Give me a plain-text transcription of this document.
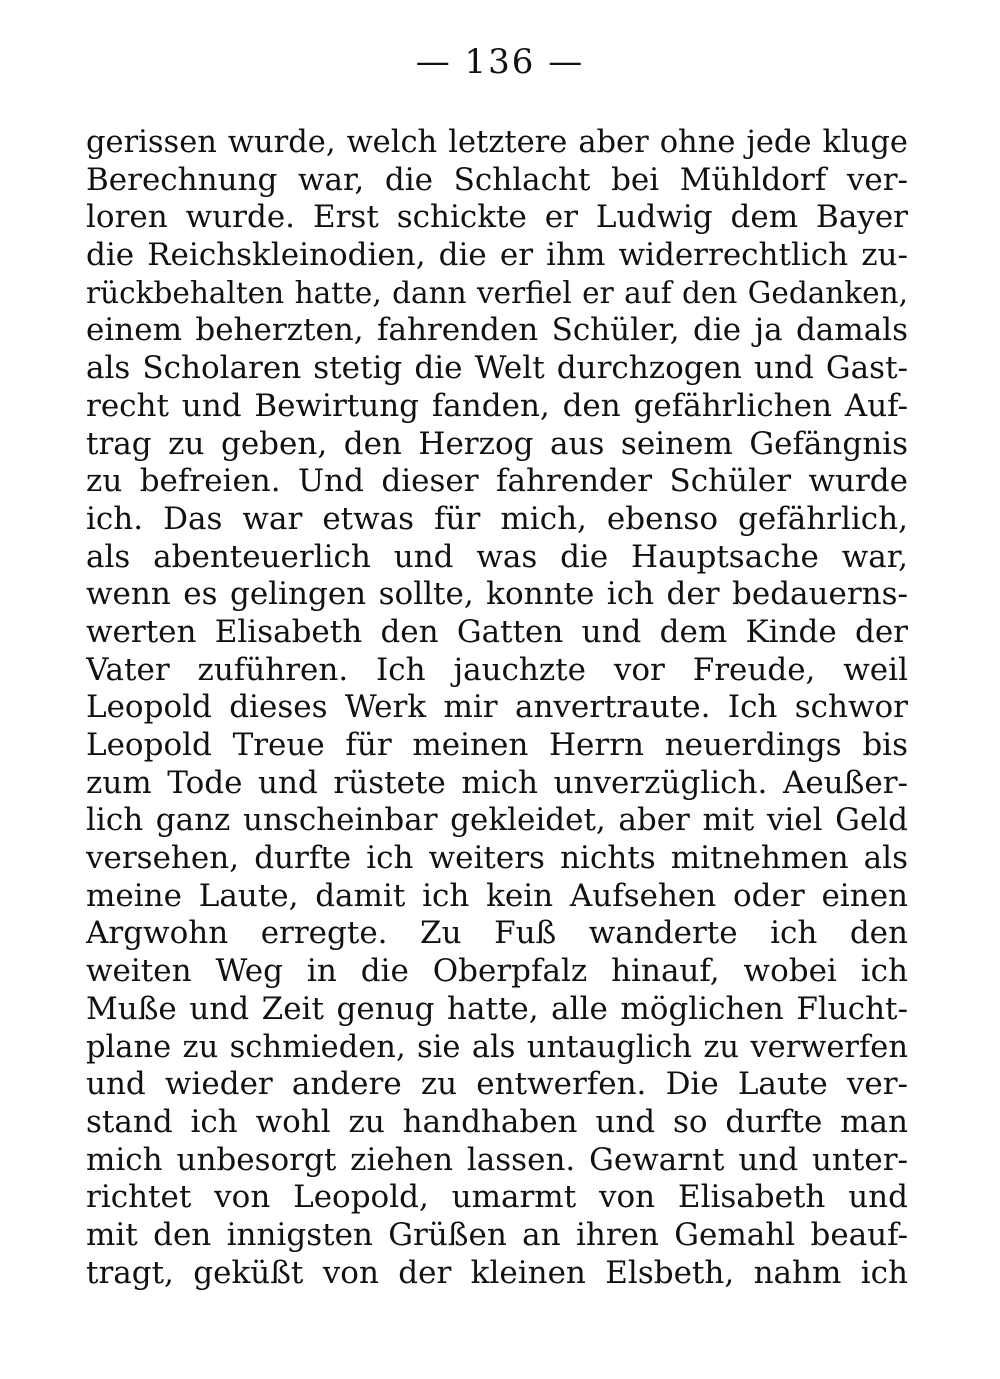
— 136 —
gerissen wurde, welch letztere aber ohne jede kluge
Berechnung war, die Schlacht bei Mühldorf ver-
loren wurde. Erst schickte er Ludwig dem Bayer
die Reichskleinodien, die er ihm widerrechtlich zu-
rückbehalten hatte, dann verfiel er auf den Gedanken,
einem beherzten, fahrenden Schüler, die ja damals
als Scholaren stetig die Welt durchzogen und Gast-
recht und Bewirtung fanden, den gefährlichen Auf-
trag zu geben, den Herzog aus seinem Gefängnis
zu befreien. Und dieser fahrender Schüler wurde
ich. Das war etwas für mich, ebenso gefährlich,
als abenteuerlich und was die Hauptsache war,
wenn es gelingen sollte, konnte ich der bedauerns-
werten Elisabeth den Gatten und dem Kinde der
Vater zuführen. Ich jauchzte vor Freude, weil
Leopold dieses Werk mir anvertraute. Ich schwor
Leopold Treue für meinen Herrn neuerdings bis
zum Tode und rüstete mich unverzüglich. Aeußer-
lich ganz unscheinbar gekleidet, aber mit viel Geld
versehen, durfte ich weiters nichts mitnehmen als
meine Laute, damit ich kein Aufsehen oder einen
Argwohn erregte. Zu Fuß wanderte ich den
weiten Weg in die Oberpfalz hinauf, wobei ich
Muße und Zeit genug hatte, alle möglichen Flucht-
plane zu schmieden, sie als untauglich zu verwerfen
und wieder andere zu entwerfen. Die Laute ver-
stand ich wohl zu handhaben und so durfte man
mich unbesorgt ziehen lassen. Gewarnt und unter-
richtet von Leopold, umarmt von Elisabeth und
mit den innigsten Grüßen an ihren Gemahl beauf-
tragt, geküßt von der kleinen Elsbeth, nahm ich
